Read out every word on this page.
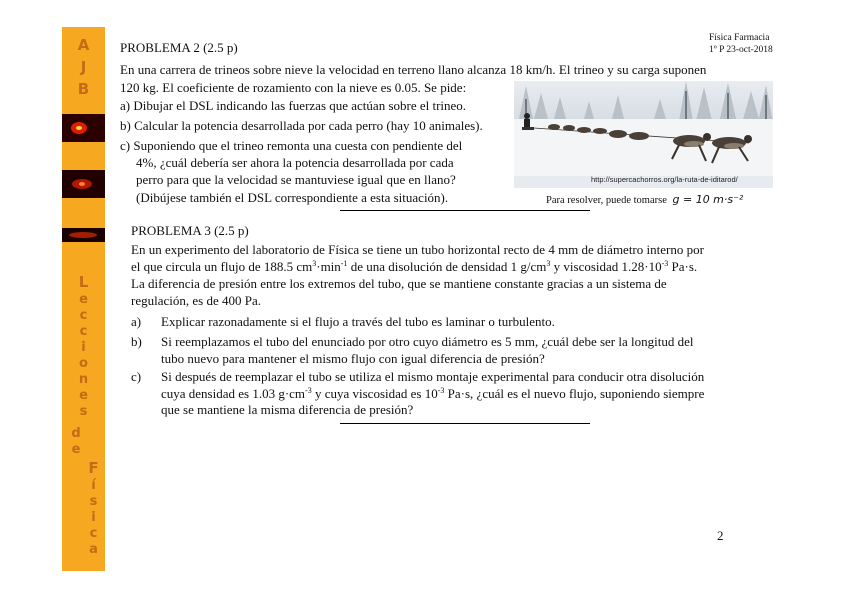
A
J
B
L
e
c
c
i
o
n
e
s
d
e
F
í
s
i
c
a
Física Farmacia
1º P 23-oct-2018
PROBLEMA 2 (2.5 p)
En una carrera de trineos sobre nieve la velocidad en terreno llano alcanza 18 km/h. El trineo y su carga suponen
120 kg. El coeficiente de rozamiento con la nieve es 0.05. Se pide:
a) Dibujar el DSL indicando las fuerzas que actúan sobre el trineo.
b) Calcular la potencia desarrollada por cada perro (hay 10 animales).
c) Suponiendo que el trineo remonta una cuesta con pendiente del
4%, ¿cuál debería ser ahora la potencia desarrollada por cada
perro para que la velocidad se mantuviese igual que en llano?
(Dibújese también el DSL correspondiente a esta situación).
http://supercachorros.org/la-ruta-de-iditarod/
Para resolver, puede tomarse g = 10 m·s⁻²
PROBLEMA 3 (2.5 p)
En un experimento del laboratorio de Física se tiene un tubo horizontal recto de 4 mm de diámetro interno por
el que circula un flujo de 188.5 $cm^3\cdot\min^{-1}$ de una disolución de densidad 1 $g/cm^3$ y viscosidad $1.28\cdot 10^{-3}$ Pa·s.
La diferencia de presión entre los extremos del tubo, que se mantiene constante gracias a un sistema de
regulación, es de 400 Pa.
a) Explicar razonadamente si el flujo a través del tubo es laminar o turbulento.
b) Si reemplazamos el tubo del enunciado por otro cuyo diámetro es 5 mm, ¿cuál debe ser la longitud del
tubo nuevo para mantener el mismo flujo con igual diferencia de presión?
c) Si después de reemplazar el tubo se utiliza el mismo montaje experimental para conducir otra disolución
cuya densidad es 1.03 $g\cdot cm^{-3}$ y cuya viscosidad es $10^{-3}$ Pa·s, ¿cuál es el nuevo flujo, suponiendo siempre
que se mantiene la misma diferencia de presión?
2
